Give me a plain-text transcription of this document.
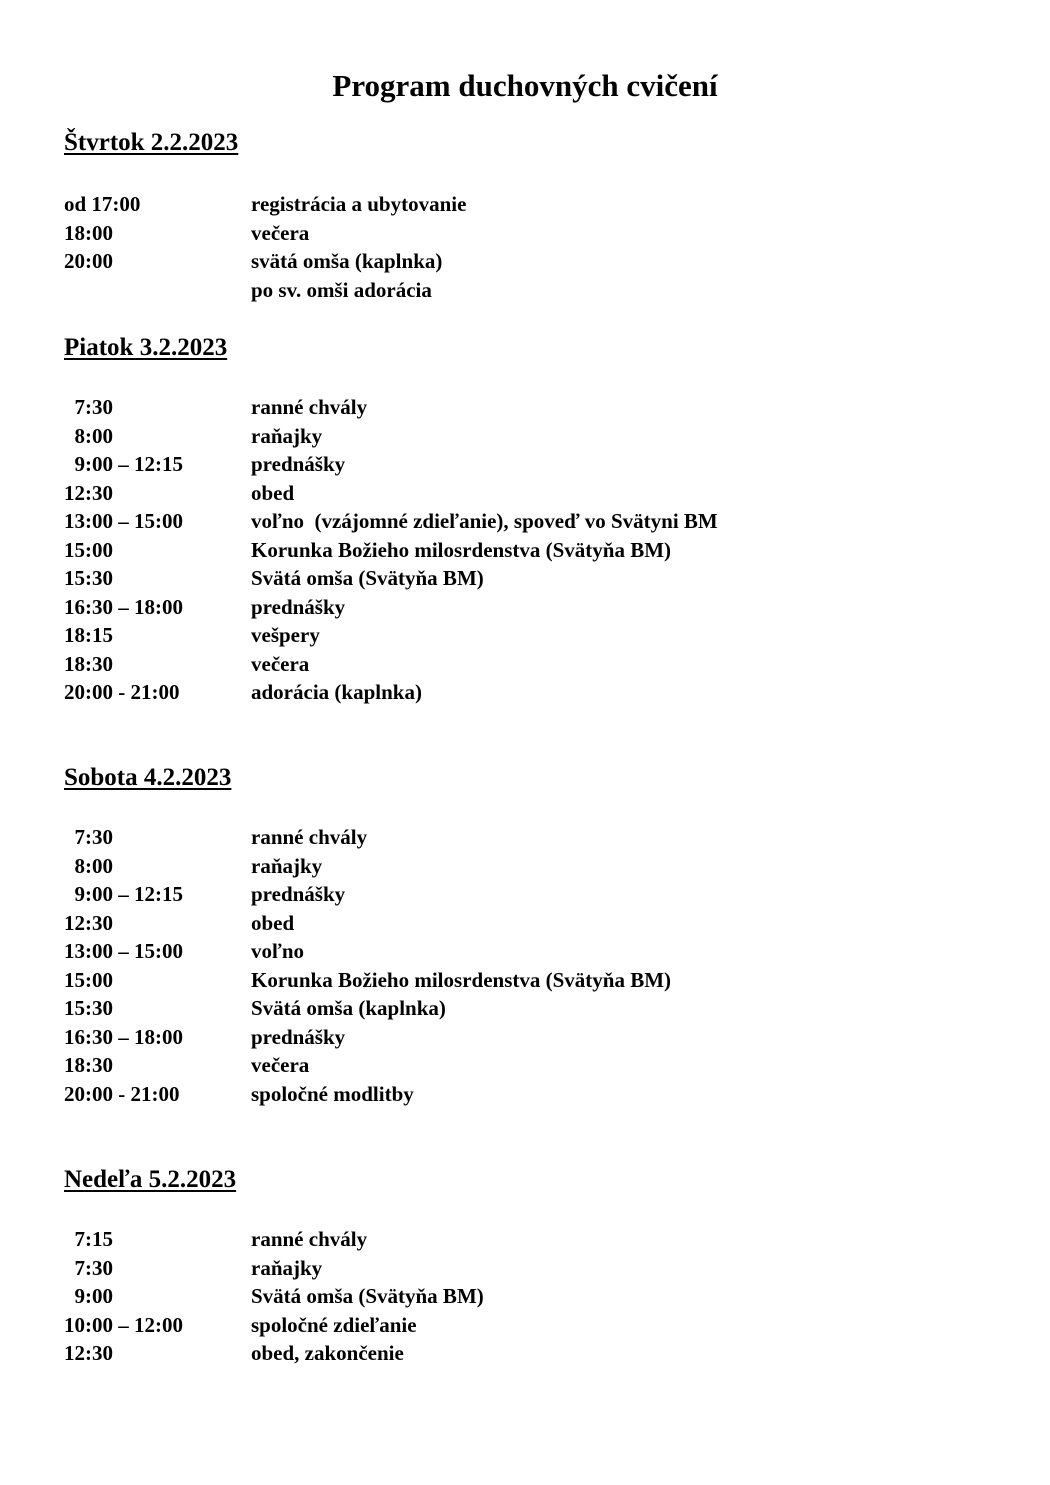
Program duchovných cvičení
Štvrtok 2.2.2023
od 17:00	registrácia a ubytovanie
18:00	večera
20:00	svätá omša (kaplnka)
po sv. omši adorácia
Piatok 3.2.2023
7:30	ranné chvály
8:00	raňajky
9:00 – 12:15	prednášky
12:30	obed
13:00 – 15:00	voľno  (vzájomné zdieľanie), spoveď vo Svätyni BM
15:00	Korunka Božieho milosrdenstva (Svätyňa BM)
15:30	Svätá omša (Svätyňa BM)
16:30 – 18:00	prednášky
18:15	vešpery
18:30	večera
20:00 - 21:00	adorácia (kaplnka)
Sobota 4.2.2023
7:30	ranné chvály
8:00	raňajky
9:00 – 12:15	prednášky
12:30	obed
13:00 – 15:00	voľno
15:00	Korunka Božieho milosrdenstva (Svätyňa BM)
15:30	Svätá omša (kaplnka)
16:30 – 18:00	prednášky
18:30	večera
20:00 - 21:00	spoločné modlitby
Nedeľa 5.2.2023
7:15	ranné chvály
7:30	raňajky
9:00	Svätá omša (Svätyňa BM)
10:00 – 12:00	spoločné zdieľanie
12:30	obed, zakončenie
